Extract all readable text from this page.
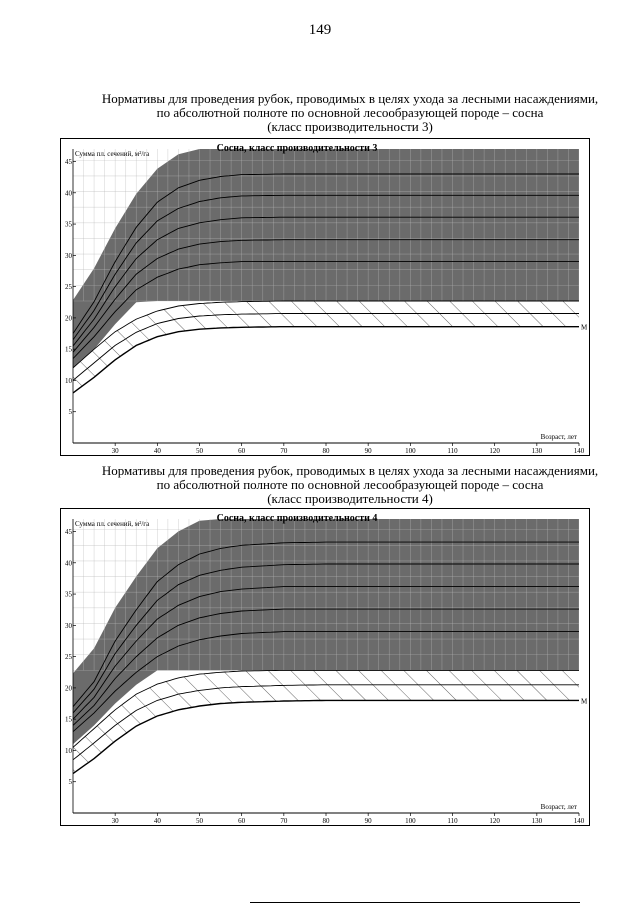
149
Нормативы для проведения рубок, проводимых в целях ухода за лесными насаждениями,
по абсолютной полноте по основной лесообразующей породе – сосна
(класс производительности 3)
30	40	50	60	70	80	90	100	110	120	130	140
5
10
15
20
25
30
35
40
45
Сосна, класс производительности 3
Сумма пл. сечений, м²/га
Возраст, лет
M
Нормативы для проведения рубок, проводимых в целях ухода за лесными насаждениями,
по абсолютной полноте по основной лесообразующей породе – сосна
(класс производительности 4)
30	40	50	60	70	80	90	100	110	120	130	140
5
10
15
20
25
30
35
40
45
Сосна, класс производительности 4
Сумма пл. сечений, м²/га
Возраст, лет
M
